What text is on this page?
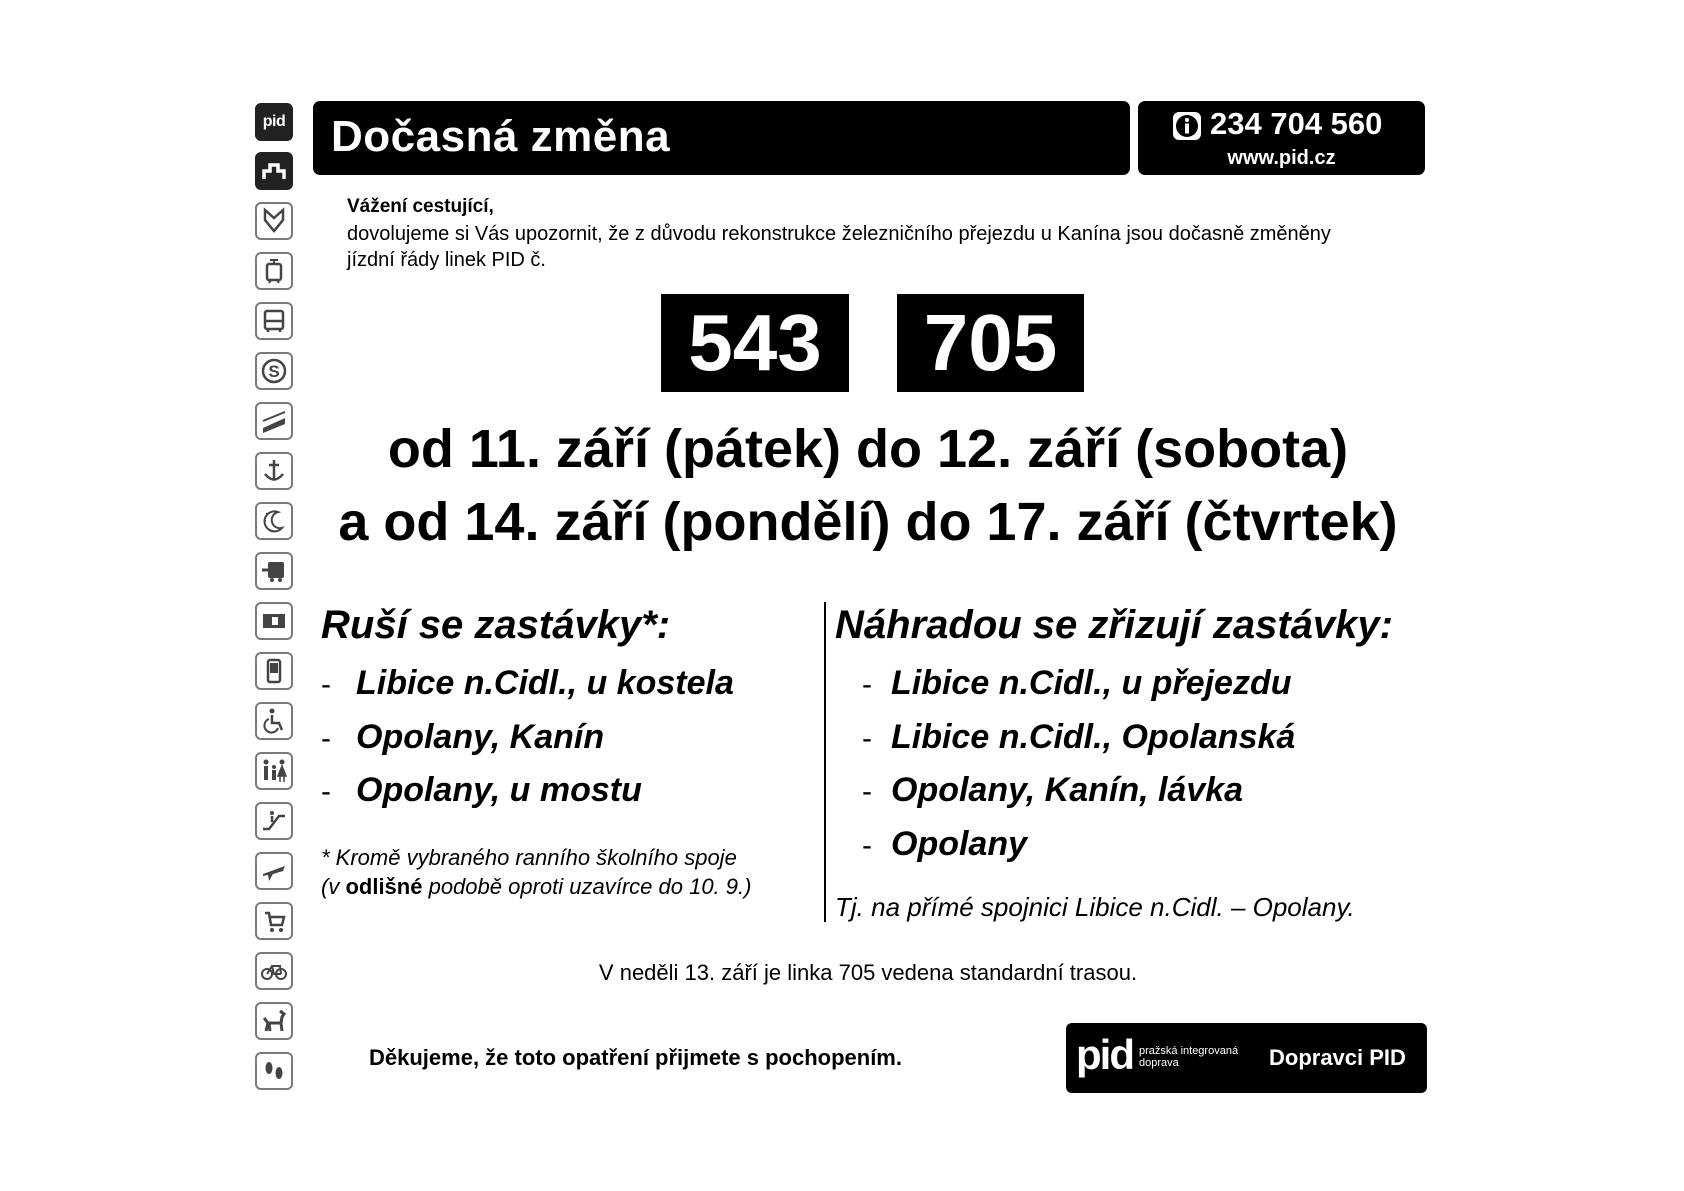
pid
S
Dočasná změna	234 704 560
www.pid.cz
Vážení cestující,
dovolujeme si Vás upozornit, že z důvodu rekonstrukce železničního přejezdu u Kanína jsou dočasně změněny jízdní řády linek PID č.
543	705
od 11. září (pátek) do 12. září (sobota)
a od 14. září (pondělí) do 17. září (čtvrtek)
Ruší se zastávky*:
- Libice n.Cidl., u kostela
- Opolany, Kanín
- Opolany, u mostu
* Kromě vybraného ranního školního spoje
(v odlišné podobě oproti uzavírce do 10. 9.)
Náhradou se zřizují zastávky:
- Libice n.Cidl., u přejezdu
- Libice n.Cidl., Opolanská
- Opolany, Kanín, lávka
- Opolany
Tj. na přímé spojnici Libice n.Cidl. – Opolany.
V neděli 13. září je linka 705 vedena standardní trasou.
Děkujeme, že toto opatření přijmete s pochopením.	pid pražská integrovaná
doprava	Dopravci PID
